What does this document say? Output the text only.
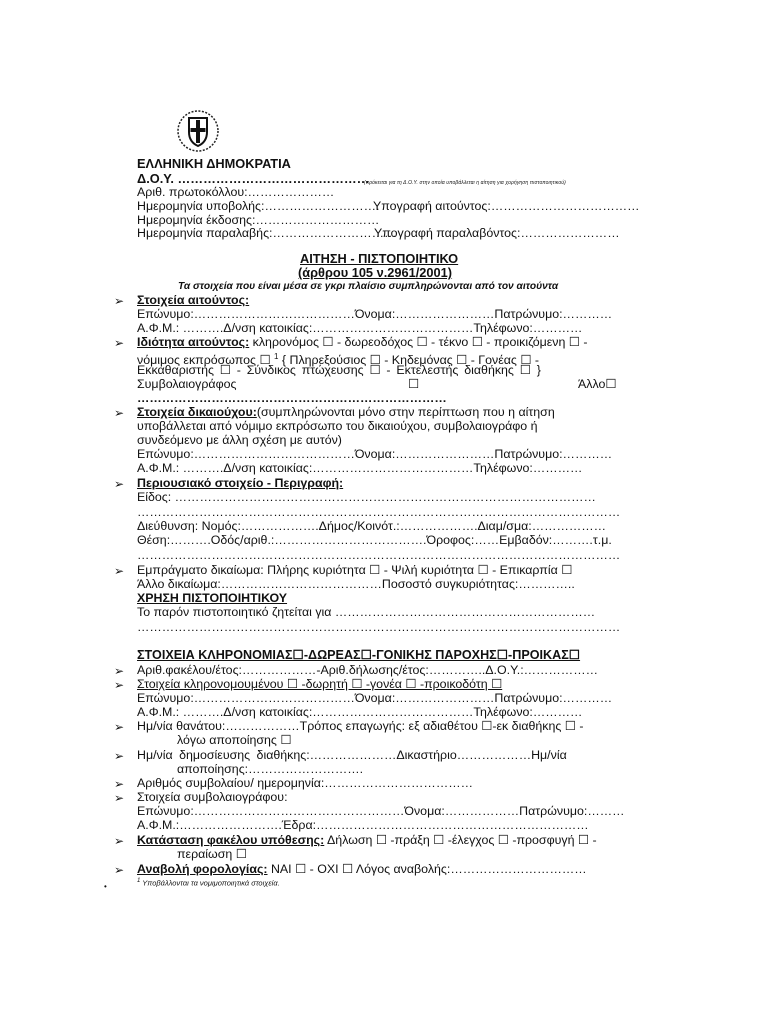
ΕΛΛΗΝΙΚΗ ΔΗΜΟΚΡΑΤΙΑ
Δ.Ο.Υ. ………………………………………
(πρόκειται για τη Δ.Ο.Υ. στην οποία υποβάλλεται η αίτηση για χορήγηση πιστοποιητικού)
Αριθ. πρωτοκόλλου:…………………
Ημερομηνία υποβολής:……………………….
Υπογραφή αιτούντος:………………………………
Ημερομηνία έκδοσης:…………………………
Ημερομηνία παραλαβής:…………………………
Υπογραφή παραλαβόντος:……………………
ΑΙΤΗΣΗ - ΠΙΣΤΟΠΟΙΗΤΙΚΟ
(άρθρου 105 ν.2961/2001)
Τα στοιχεία που είναι μέσα σε γκρι πλαίσιο συμπληρώνονται από τον αιτούντα
➢ Στοιχεία αιτούντος:
Επώνυμο:…………………………………Όνομα:……………………Πατρώνυμο:…………
Α.Φ.Μ.: ……….Δ/νση κατοικίας:…………………………………Τηλέφωνο:…………
➢ Ιδιότητα αιτούντος: κληρονόμος ☐ - δωρεοδόχος ☐ - τέκνο ☐ - προικιζόμενη ☐ -
νόμιμος εκπρόσωπος ☐ $^1$ { Πληρεξούσιος ☐ - Κηδεμόνας ☐ - Γονέας ☐ -
Εκκαθαριστής ☐ - Σύνδικος πτώχευσης ☐ - Εκτελεστής διαθήκης ☐ }
Συμβολαιογράφος	☐	Άλλο☐
…………………………………………………………………
➢ Στοιχεία δικαιούχου:(συμπληρώνονται μόνο στην περίπτωση που η αίτηση
υποβάλλεται από νόμιμο εκπρόσωπο του δικαιούχου, συμβολαιογράφο ή
συνδεόμενο με άλλη σχέση με αυτόν)
Επώνυμο:…………………………………Όνομα:……………………Πατρώνυμο:…………
Α.Φ.Μ.: ……….Δ/νση κατοικίας:…………………………………Τηλέφωνο:…………
➢ Περιουσιακό στοιχείο - Περιγραφή:
Είδος: …………………………………………………………………………………………
………………………………………………………………………………………………………
Διεύθυνση: Νομός:……………….Δήμος/Κοινότ.:……………….Διαμ/σμα:………………
Θέση:……….Οδός/αριθ.:……………………………….Όροφος:……Εμβαδόν:……….τ.μ.
………………………………………………………………………………………………………
➢ Εμπράγματο δικαίωμα: Πλήρης κυριότητα ☐ - Ψιλή κυριότητα ☐ - Επικαρπία ☐
Άλλο δικαίωμα:…………………………………Ποσοστό συγκυριότητας:…………..
ΧΡΗΣΗ ΠΙΣΤΟΠΟΙΗΤΙΚΟΥ
Το παρόν πιστοποιητικό ζητείται για ………………………………………………………
………………………………………………………………………………………………………
ΣΤΟΙΧΕΙΑ ΚΛΗΡΟΝΟΜΙΑΣ☐-ΔΩΡΕΑΣ☐-ΓΟΝΙΚΗΣ ΠΑΡΟΧΗΣ☐-ΠΡΟΙΚΑΣ☐
➢ Αριθ.φακέλου/έτος:………………-Αριθ.δήλωσης/έτος:…………..Δ.Ο.Υ.:………………
➢ Στοιχεία κληρονομουμένου ☐ -δωρητή ☐ -γονέα ☐ -προικοδότη ☐
Επώνυμο:…………………………………Όνομα:……………………Πατρώνυμο:…………
Α.Φ.Μ.: ……….Δ/νση κατοικίας:…………………………………Τηλέφωνο:…………
➢ Ημ/νία θανάτου:………………Τρόπος επαγωγής: εξ αδιαθέτου ☐-εκ διαθήκης ☐ -
λόγω αποποίησης ☐
➢ Ημ/νία δημοσίευσης διαθήκης:…………………Δικαστήριο………………Ημ/νία
αποποίησης:……………………….
➢ Αριθμός συμβολαίου/ ημερομηνία:………………………………
➢ Στοιχεία συμβολαιογράφου:
Επώνυμο:……………………………………………Όνομα:………………Πατρώνυμο:………
Α.Φ.Μ.:…………………….Έδρα:…………………………………………………………
➢ Κατάσταση φακέλου υπόθεσης: Δήλωση ☐ -πράξη ☐ -έλεγχος ☐ -προσφυγή ☐ -
περαίωση ☐
➢ Αναβολή φορολογίας: ΝΑΙ ☐ - ΟΧΙ ☐ Λόγος αναβολής:……………………………
$^1$ Υποβάλλονται τα νομιμοποιητικά στοιχεία.
•
